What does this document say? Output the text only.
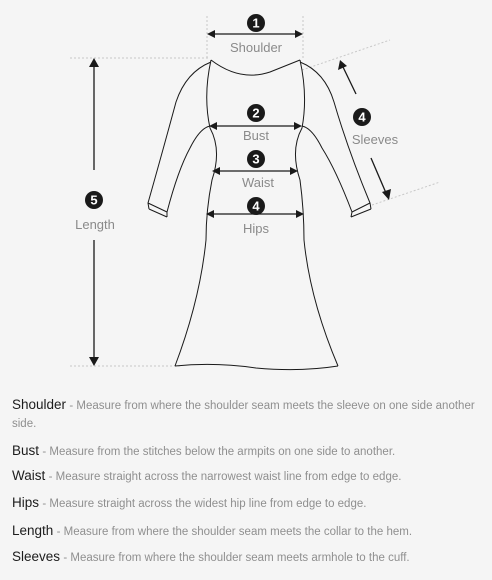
1
Shoulder
2
Bust
3
Waist
4
Hips
4
Sleeves
5
Length
Shoulder - Measure from where the shoulder seam meets the sleeve on one side another side.
Bust - Measure from the stitches below the armpits on one side to another.
Waist - Measure straight across the narrowest waist line from edge to edge.
Hips - Measure straight across the widest hip line from edge to edge.
Length - Measure from where the shoulder seam meets the collar to the hem.
Sleeves - Measure from where the shoulder seam meets armhole to the cuff.
